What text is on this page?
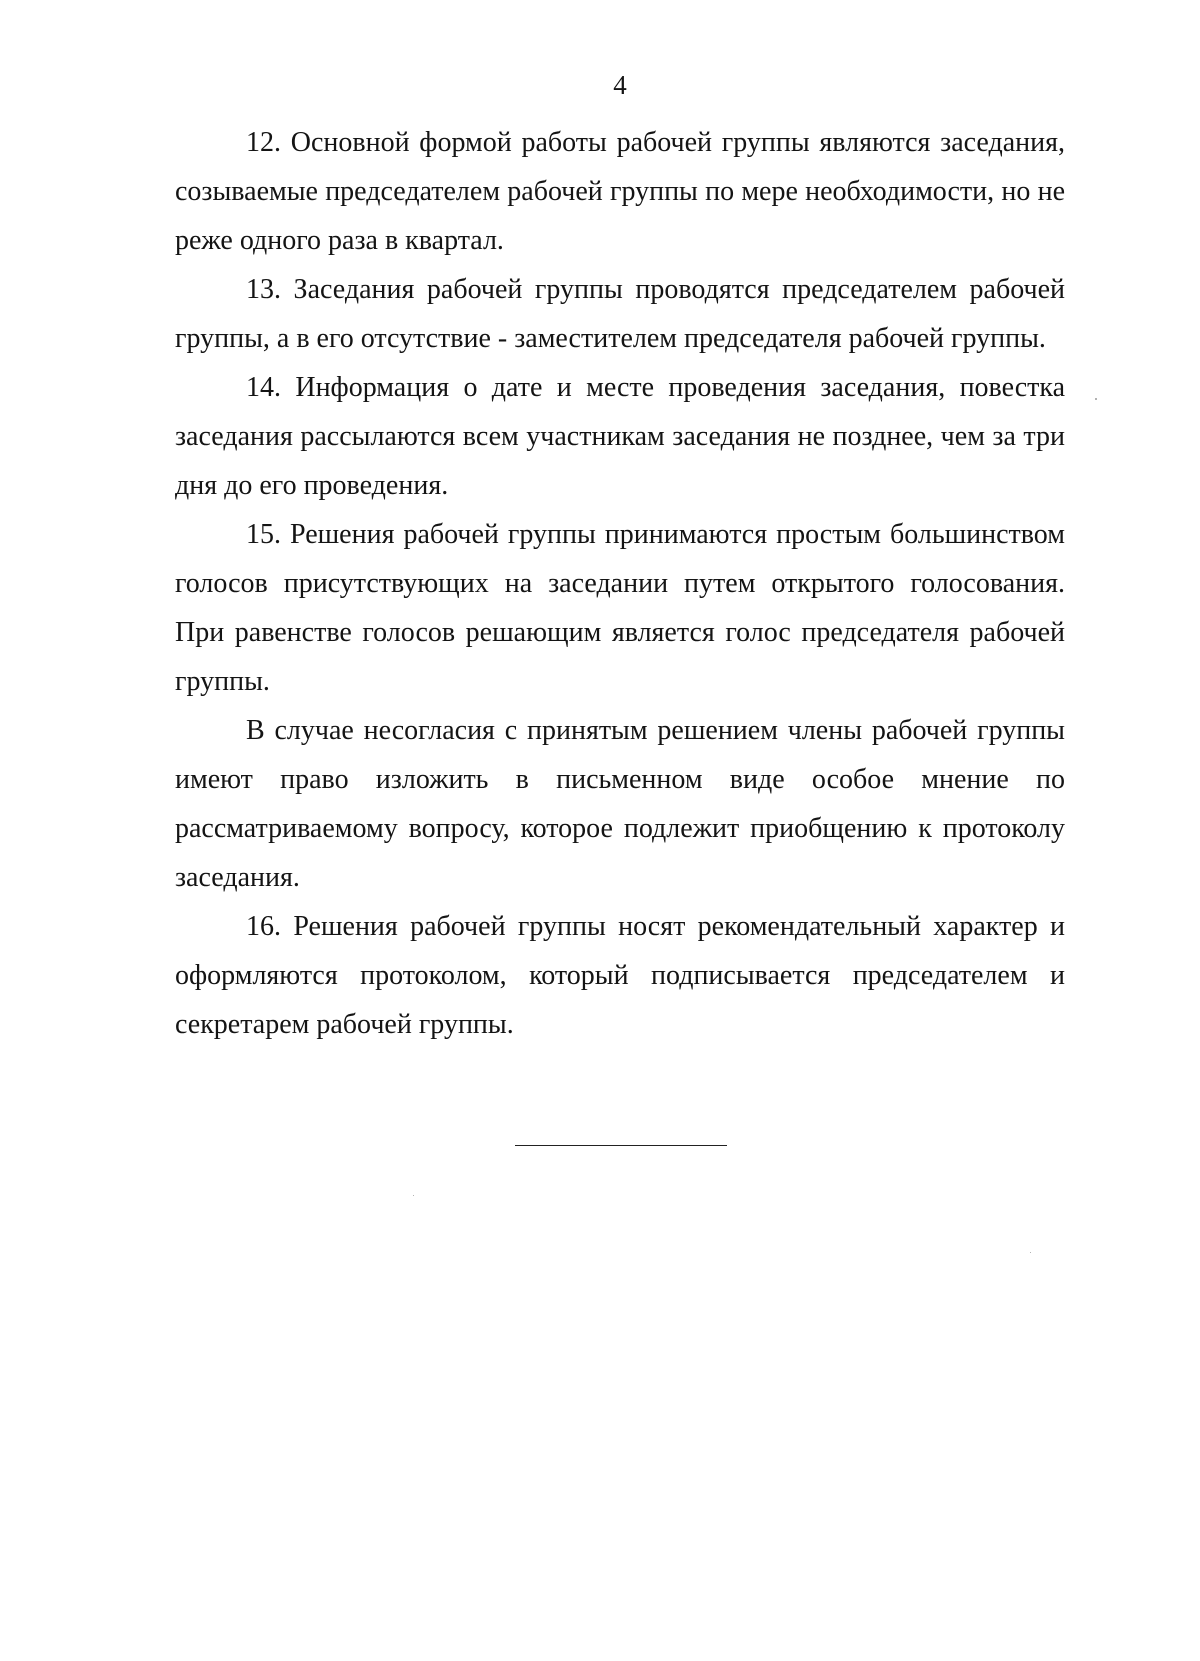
4

12. Основной формой работы рабочей группы являются заседания, созываемые председателем рабочей группы по мере необходимости, но не реже одного раза в квартал.

13. Заседания рабочей группы проводятся председателем рабочей группы, а в его отсутствие - заместителем председателя рабочей группы.

14. Информация о дате и месте проведения заседания, повестка заседания рассылаются всем участникам заседания не позднее, чем за три дня до его проведения.

15. Решения рабочей группы принимаются простым большинством голосов присутствующих на заседании путем открытого голосования. При равенстве голосов решающим является голос председателя рабочей группы.

В случае несогласия с принятым решением члены рабочей группы имеют право изложить в письменном виде особое мнение по рассматриваемому вопросу, которое подлежит приобщению к протоколу заседания.

16. Решения рабочей группы носят рекомендательный характер и оформляются протоколом, который подписывается председателем и секретарем рабочей группы.
